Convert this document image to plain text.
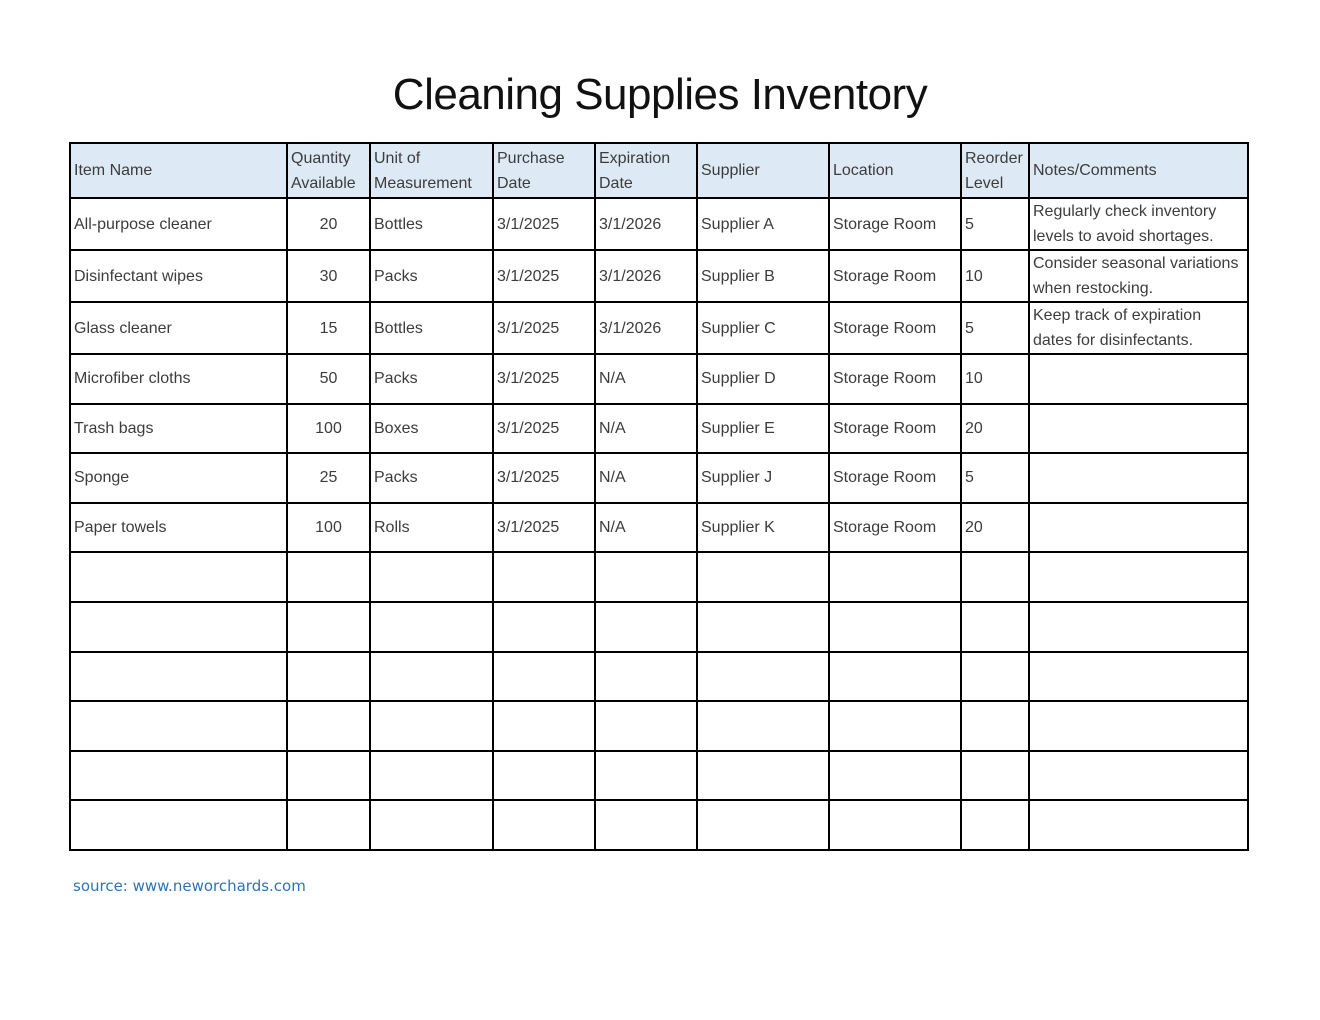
Cleaning Supplies Inventory
Item Name	Quantity Available	Unit of Measurement	Purchase Date	Expiration Date	Supplier	Location	Reorder Level	Notes/Comments
All-purpose cleaner	20	Bottles	3/1/2025	3/1/2026	Supplier A	Storage Room	5	Regularly check inventory levels to avoid shortages.
Disinfectant wipes	30	Packs	3/1/2025	3/1/2026	Supplier B	Storage Room	10	Consider seasonal variations when restocking.
Glass cleaner	15	Bottles	3/1/2025	3/1/2026	Supplier C	Storage Room	5	Keep track of expiration dates for disinfectants.
Microfiber cloths	50	Packs	3/1/2025	N/A	Supplier D	Storage Room	10	
Trash bags	100	Boxes	3/1/2025	N/A	Supplier E	Storage Room	20	
Sponge	25	Packs	3/1/2025	N/A	Supplier J	Storage Room	5	
Paper towels	100	Rolls	3/1/2025	N/A	Supplier K	Storage Room	20	

source: www.neworchards.com
